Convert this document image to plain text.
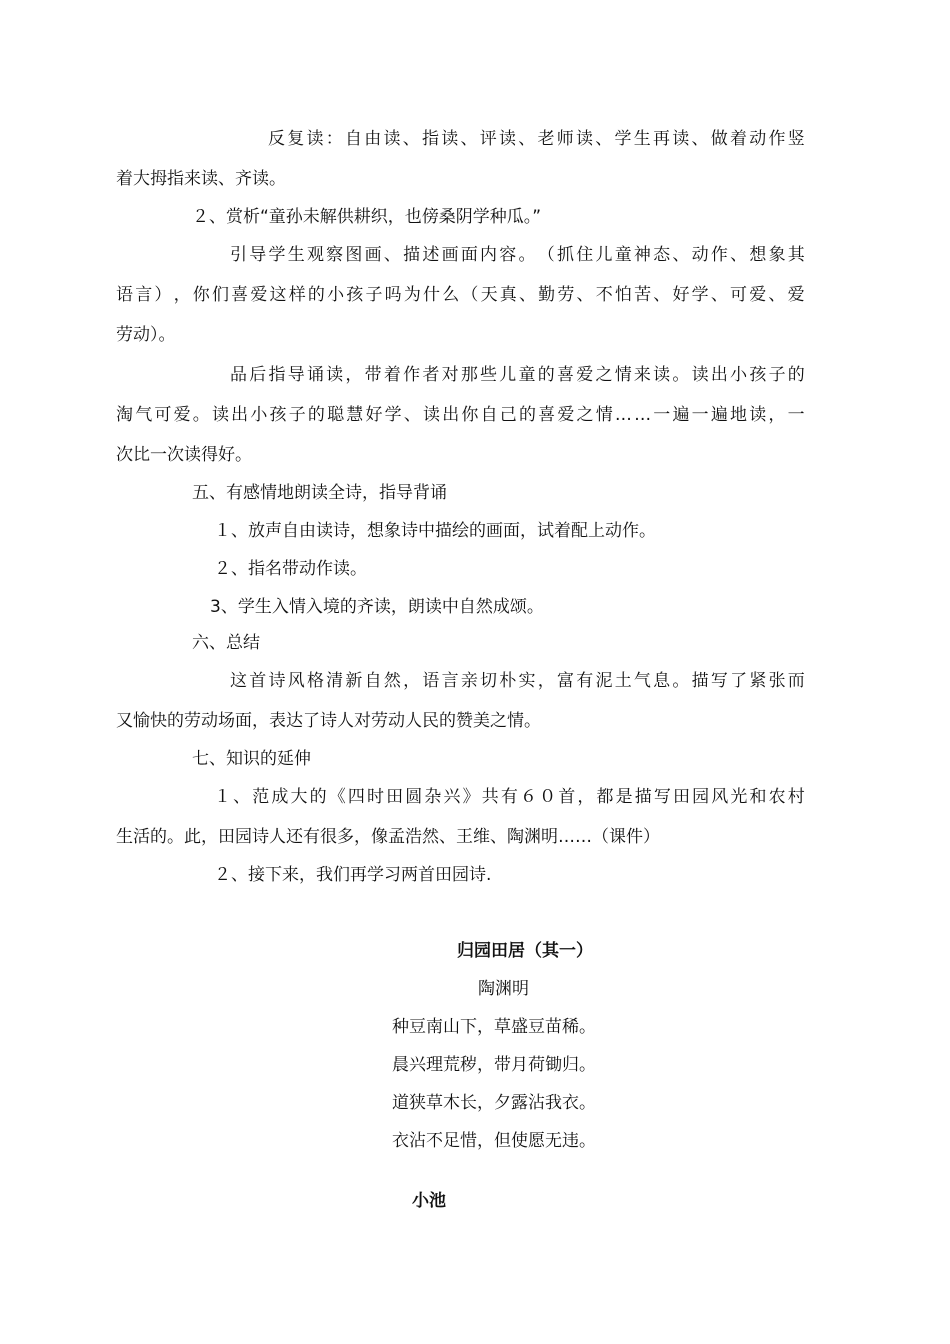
反 复 读 ： 自 由 读 、 指 读 、 评 读 、 老 师 读 、 学 生 再 读 、 做 着 动 作 竖
着大拇指来读、齐读。
２、赏析“童孙未解供耕织，也傍桑阴学种瓜。”
引 导 学 生 观 察 图 画 、 描 述 画 面 内 容 。 （ 抓 住 儿 童 神 态 、 动 作 、 想 象 其
语 言 ） ， 你 们 喜 爱 这 样 的 小 孩 子 吗 为 什 么 （ 天 真 、 勤 劳 、 不 怕 苦 、 好 学 、 可 爱 、 爱
劳动）。
品 后 指 导 诵 读 ， 带 着 作 者 对 那 些 儿 童 的 喜 爱 之 情 来 读 。 读 出 小 孩 子 的
淘 气 可 爱 。 读 出 小 孩 子 的 聪 慧 好 学 、 读 出 你 自 己 的 喜 爱 之 情 … … 一 遍 一 遍 地 读 ， 一
次比一次读得好。
五、有感情地朗读全诗，指导背诵
１、放声自由读诗，想象诗中描绘的画面，试着配上动作。
２、指名带动作读。
3、学生入情入境的齐读，朗读中自然成颂。
六、总结
这 首 诗 风 格 清 新 自 然 ， 语 言 亲 切 朴 实 ， 富 有 泥 土 气 息 。 描 写 了 紧 张 而
又愉快的劳动场面，表达了诗人对劳动人民的赞美之情。
七、知识的延伸
１ 、 范 成 大 的 《 四 时 田 圆 杂 兴 》 共 有 ６ ０ 首 ， 都 是 描 写 田 园 风 光 和 农 村
生活的。此，田园诗人还有很多，像孟浩然、王维、陶渊明……（课件）
２、接下来，我们再学习两首田园诗.
归园田居（其一）
陶渊明
种豆南山下，草盛豆苗稀。
晨兴理荒秽，带月荷锄归。
道狭草木长，夕露沾我衣。
衣沾不足惜，但使愿无违。
小池
